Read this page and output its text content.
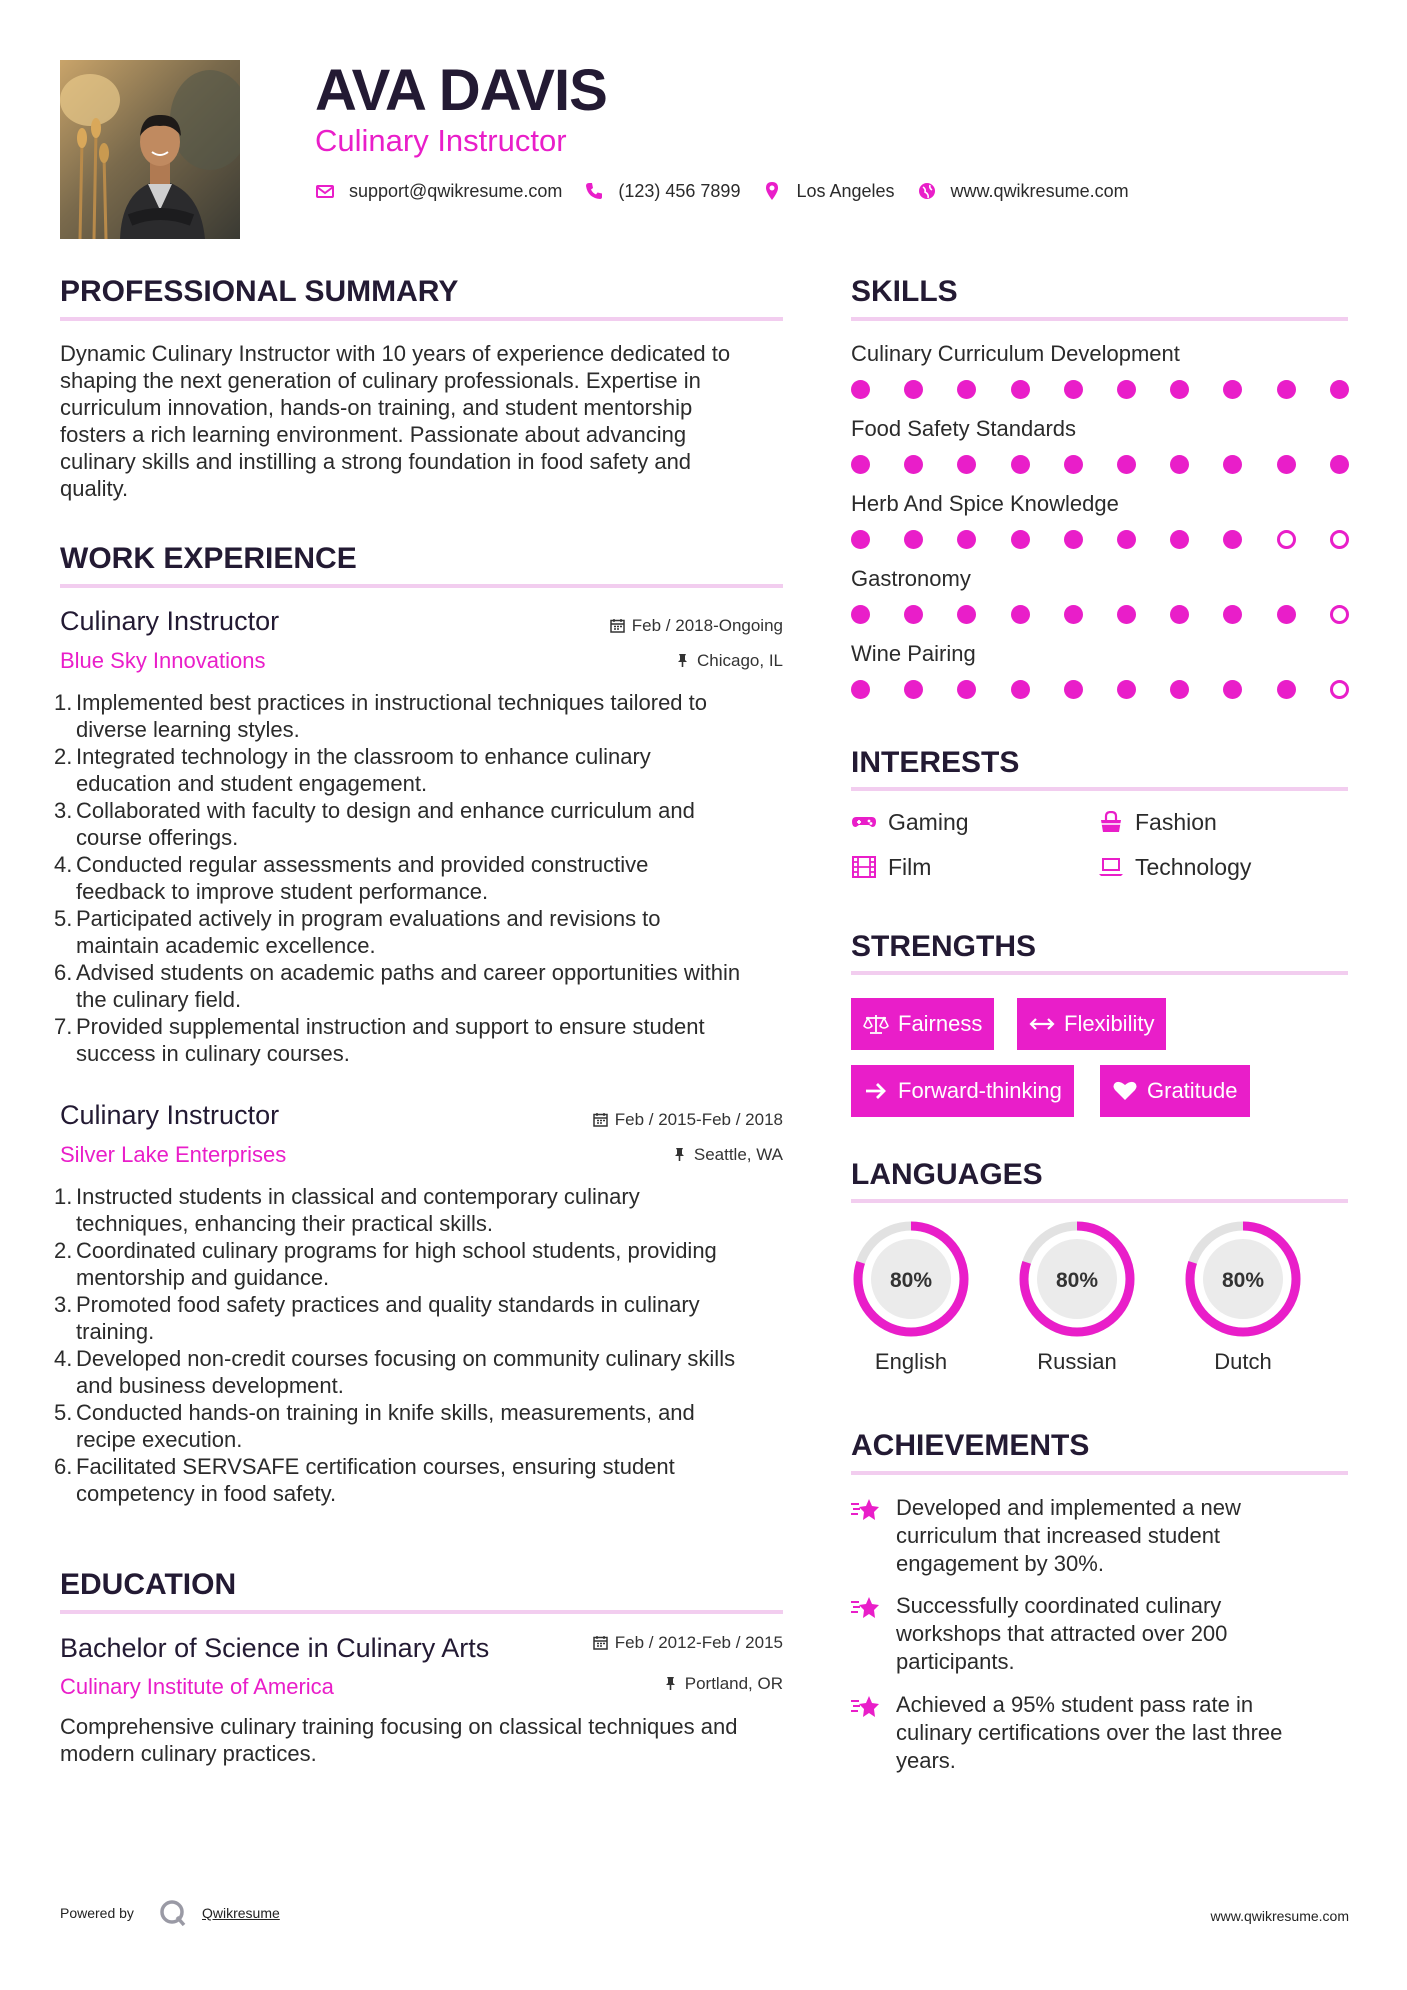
AVA DAVIS
Culinary Instructor
support@qwikresume.com	(123) 456 7899	Los Angeles	www.qwikresume.com
PROFESSIONAL SUMMARY
Dynamic Culinary Instructor with 10 years of experience dedicated to
shaping the next generation of culinary professionals. Expertise in
curriculum innovation, hands-on training, and student mentorship
fosters a rich learning environment. Passionate about advancing
culinary skills and instilling a strong foundation in food safety and
quality.
WORK EXPERIENCE
Culinary Instructor	Feb / 2018-Ongoing
Blue Sky Innovations	Chicago, IL
1. Implemented best practices in instructional techniques tailored to
diverse learning styles.
2. Integrated technology in the classroom to enhance culinary
education and student engagement.
3. Collaborated with faculty to design and enhance curriculum and
course offerings.
4. Conducted regular assessments and provided constructive
feedback to improve student performance.
5. Participated actively in program evaluations and revisions to
maintain academic excellence.
6. Advised students on academic paths and career opportunities within
the culinary field.
7. Provided supplemental instruction and support to ensure student
success in culinary courses.
Culinary Instructor	Feb / 2015-Feb / 2018
Silver Lake Enterprises	Seattle, WA
1. Instructed students in classical and contemporary culinary
techniques, enhancing their practical skills.
2. Coordinated culinary programs for high school students, providing
mentorship and guidance.
3. Promoted food safety practices and quality standards in culinary
training.
4. Developed non-credit courses focusing on community culinary skills
and business development.
5. Conducted hands-on training in knife skills, measurements, and
recipe execution.
6. Facilitated SERVSAFE certification courses, ensuring student
competency in food safety.
EDUCATION
Bachelor of Science in Culinary Arts	Feb / 2012-Feb / 2015
Culinary Institute of America	Portland, OR
Comprehensive culinary training focusing on classical techniques and
modern culinary practices.
SKILLS
Culinary Curriculum Development
Food Safety Standards
Herb And Spice Knowledge
Gastronomy
Wine Pairing
INTERESTS
Gaming	Fashion
Film	Technology
STRENGTHS
Fairness	Flexibility
Forward-thinking	Gratitude
LANGUAGES
80%
English
80%
Russian
80%
Dutch
ACHIEVEMENTS
Developed and implemented a new
curriculum that increased student
engagement by 30%.
Successfully coordinated culinary
workshops that attracted over 200
participants.
Achieved a 95% student pass rate in
culinary certifications over the last three
years.
Powered by	Qwikresume	www.qwikresume.com
